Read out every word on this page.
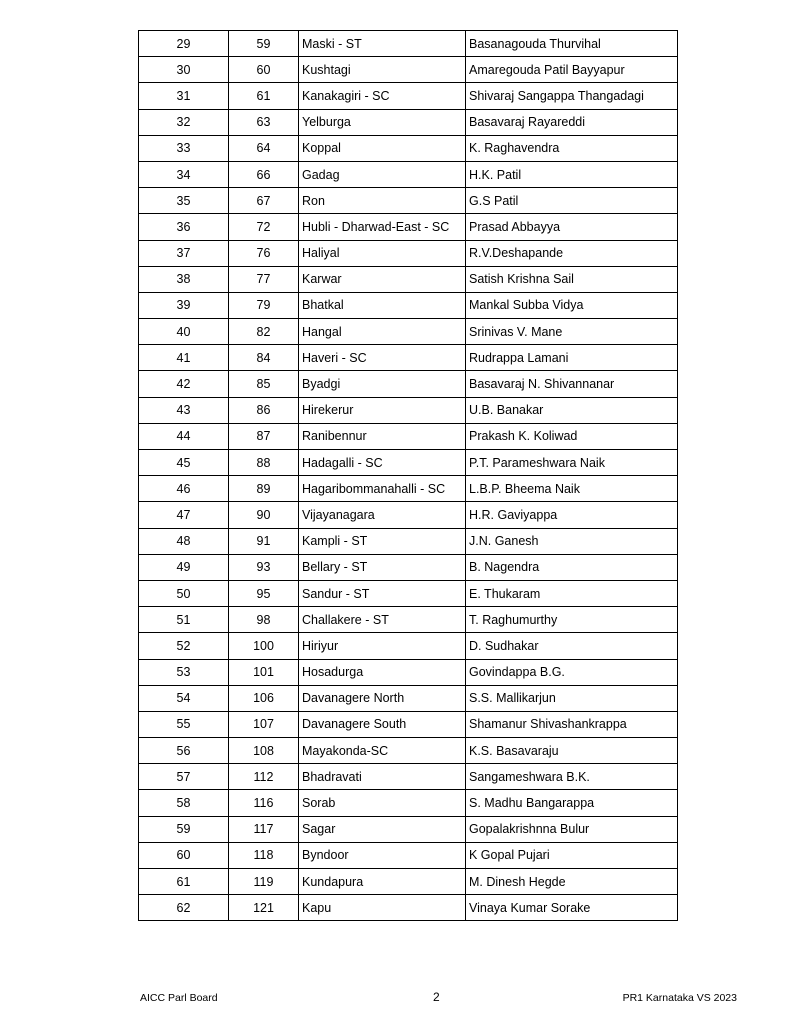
29	59	Maski - ST	Basanagouda Thurvihal
30	60	Kushtagi	Amaregouda Patil Bayyapur
31	61	Kanakagiri - SC	Shivaraj Sangappa Thangadagi
32	63	Yelburga	Basavaraj Rayareddi
33	64	Koppal	K. Raghavendra
34	66	Gadag	H.K. Patil
35	67	Ron	G.S Patil
36	72	Hubli - Dharwad-East - SC	Prasad Abbayya
37	76	Haliyal	R.V.Deshapande
38	77	Karwar	Satish Krishna Sail
39	79	Bhatkal	Mankal Subba Vidya
40	82	Hangal	Srinivas V. Mane
41	84	Haveri - SC	Rudrappa Lamani
42	85	Byadgi	Basavaraj N. Shivannanar
43	86	Hirekerur	U.B. Banakar
44	87	Ranibennur	Prakash K. Koliwad
45	88	Hadagalli - SC	P.T. Parameshwara Naik
46	89	Hagaribommanahalli - SC	L.B.P. Bheema Naik
47	90	Vijayanagara	H.R. Gaviyappa
48	91	Kampli - ST	J.N. Ganesh
49	93	Bellary - ST	B. Nagendra
50	95	Sandur - ST	E. Thukaram
51	98	Challakere - ST	T. Raghumurthy
52	100	Hiriyur	D. Sudhakar
53	101	Hosadurga	Govindappa B.G.
54	106	Davanagere North	S.S. Mallikarjun
55	107	Davanagere South	Shamanur Shivashankrappa
56	108	Mayakonda-SC	K.S. Basavaraju
57	112	Bhadravati	Sangameshwara B.K.
58	116	Sorab	S. Madhu Bangarappa
59	117	Sagar	Gopalakrishnna Bulur
60	118	Byndoor	K Gopal Pujari
61	119	Kundapura	M. Dinesh Hegde
62	121	Kapu	Vinaya Kumar Sorake
AICC Parl Board	2	PR1 Karnataka VS 2023
